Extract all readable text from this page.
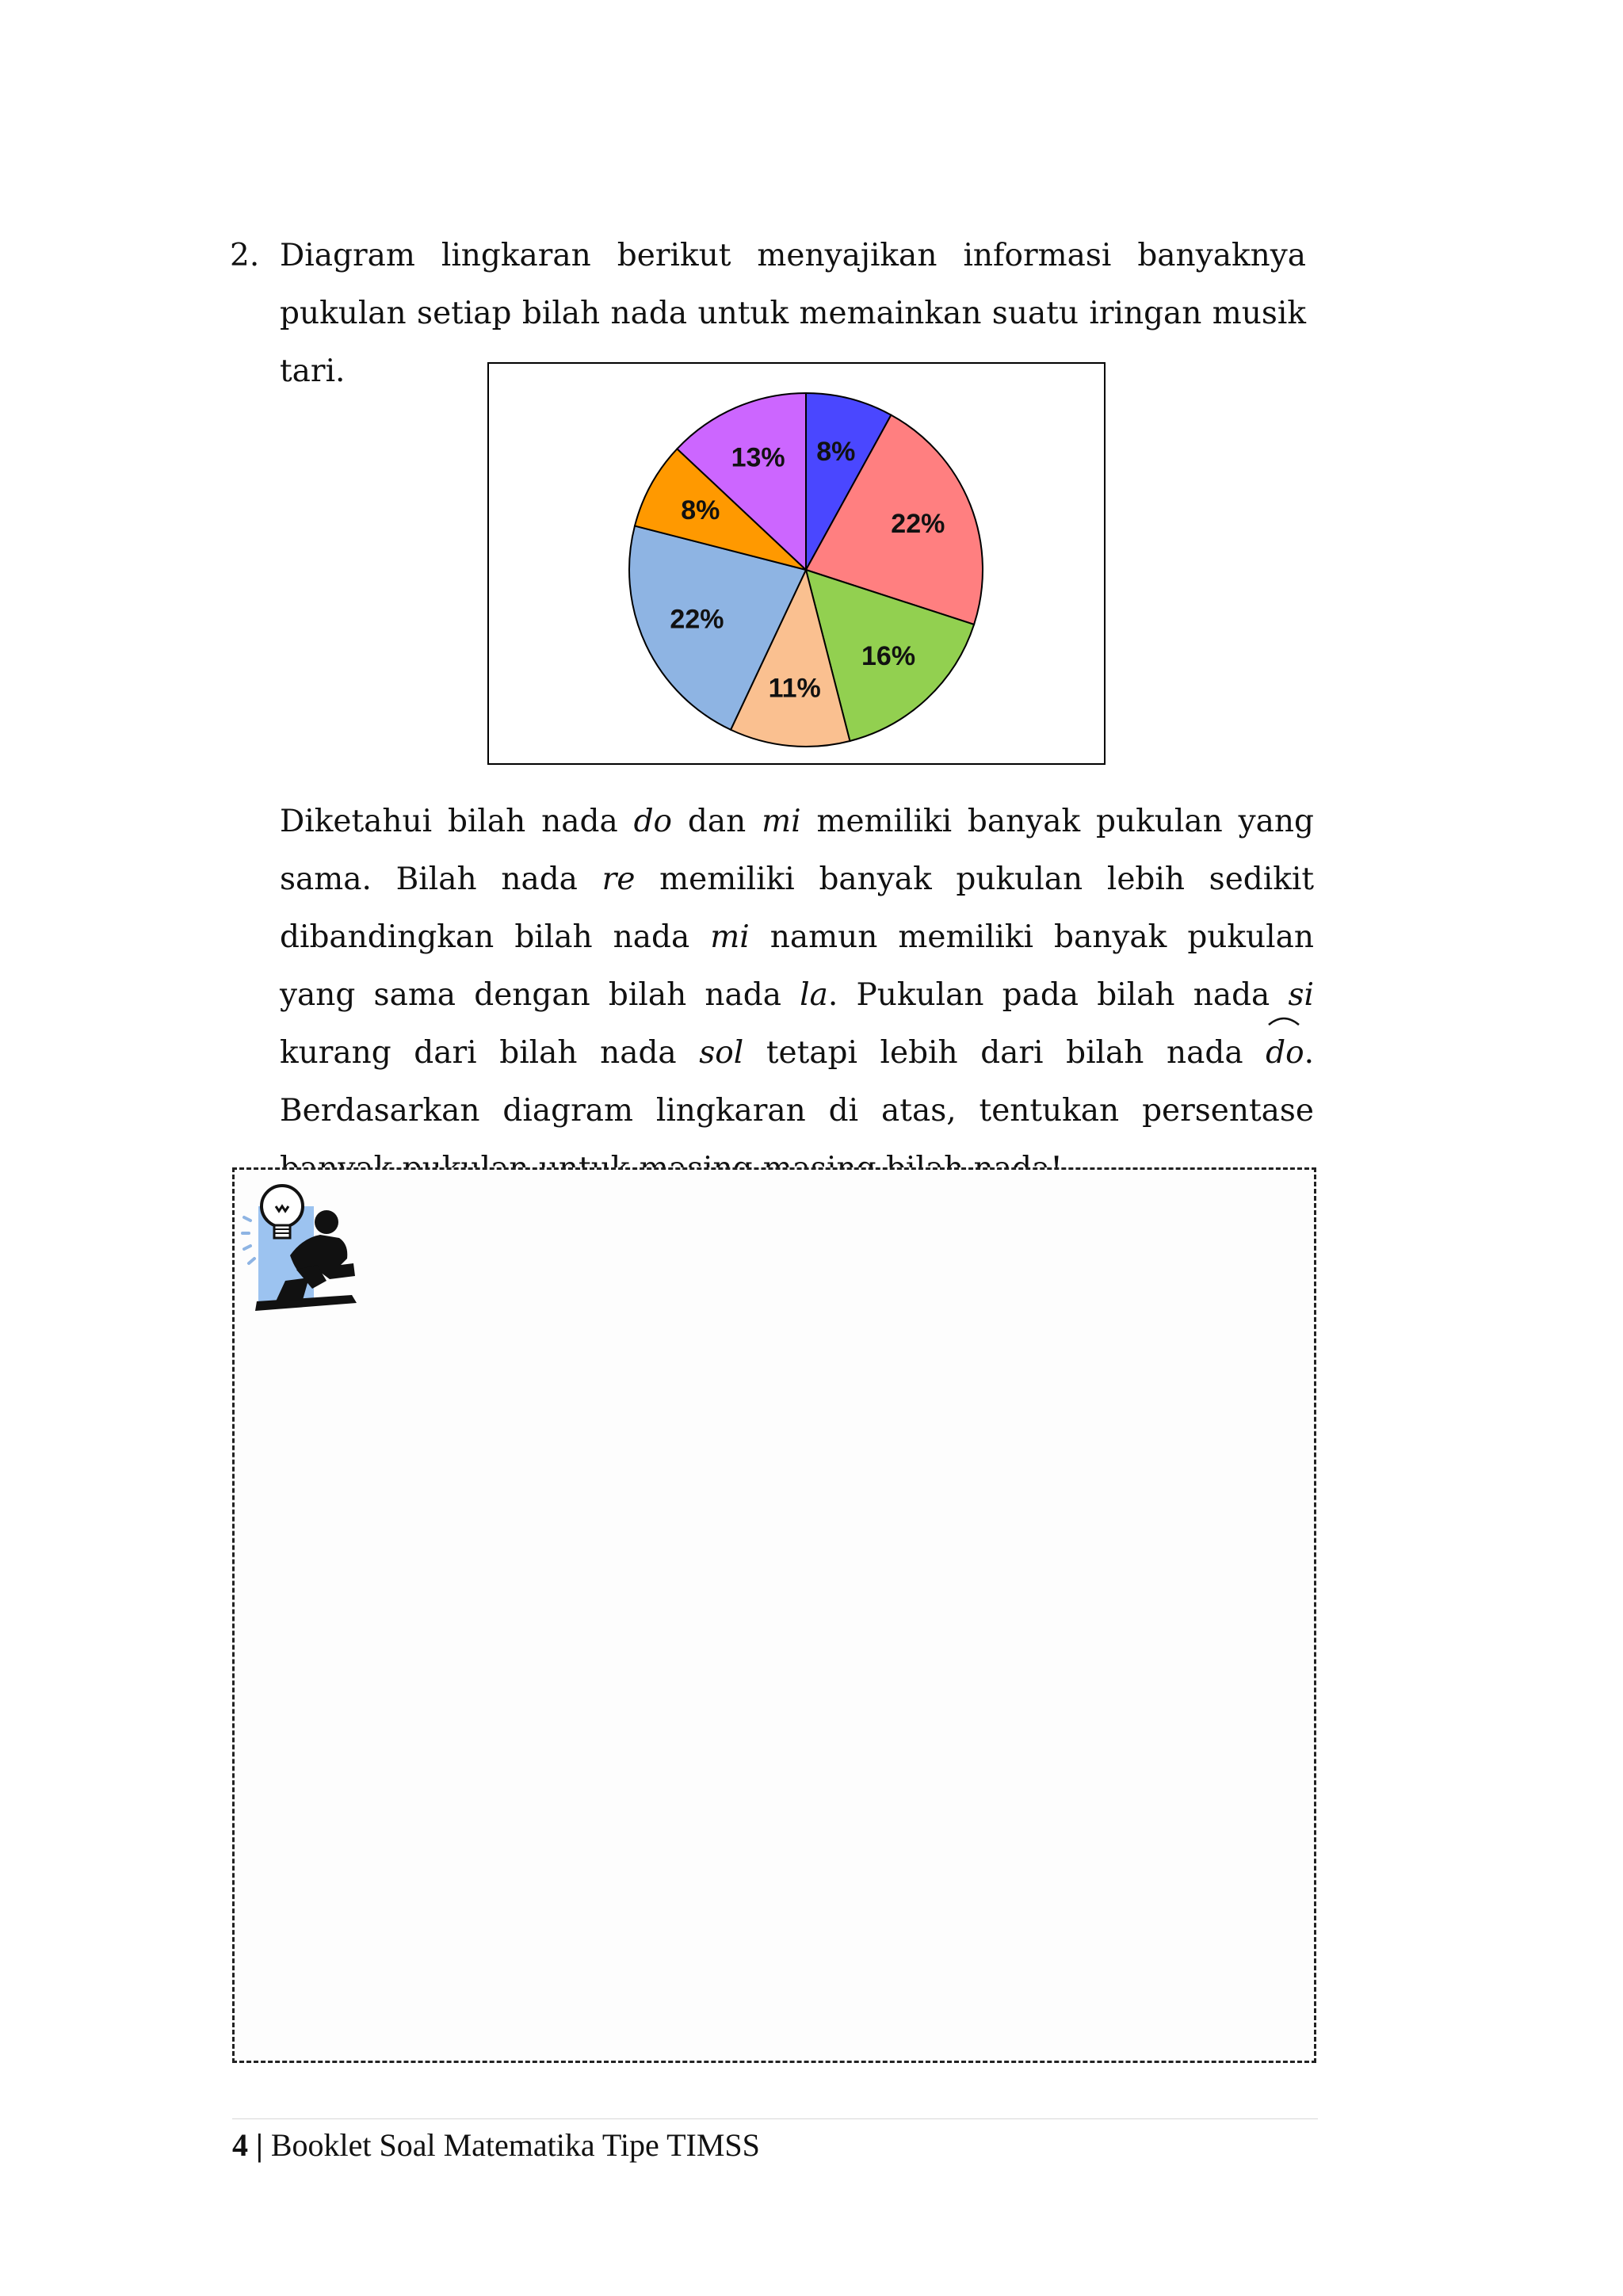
2. Diagram lingkaran berikut menyajikan informasi banyaknya pukulan setiap bilah nada untuk memainkan suatu iringan musik tari.

8%
22%
16%
11%
22%
8%
13%

Diketahui bilah nada do dan mi memiliki banyak pukulan yang sama. Bilah nada re memiliki banyak pukulan lebih sedikit dibandingkan bilah nada mi namun memiliki banyak pukulan yang sama dengan bilah nada la. Pukulan pada bilah nada si kurang dari bilah nada sol tetapi lebih dari bilah nada
do. Berdasarkan diagram lingkaran di atas, tentukan persentase

4 | Booklet Soal Matematika Tipe TIMSS
